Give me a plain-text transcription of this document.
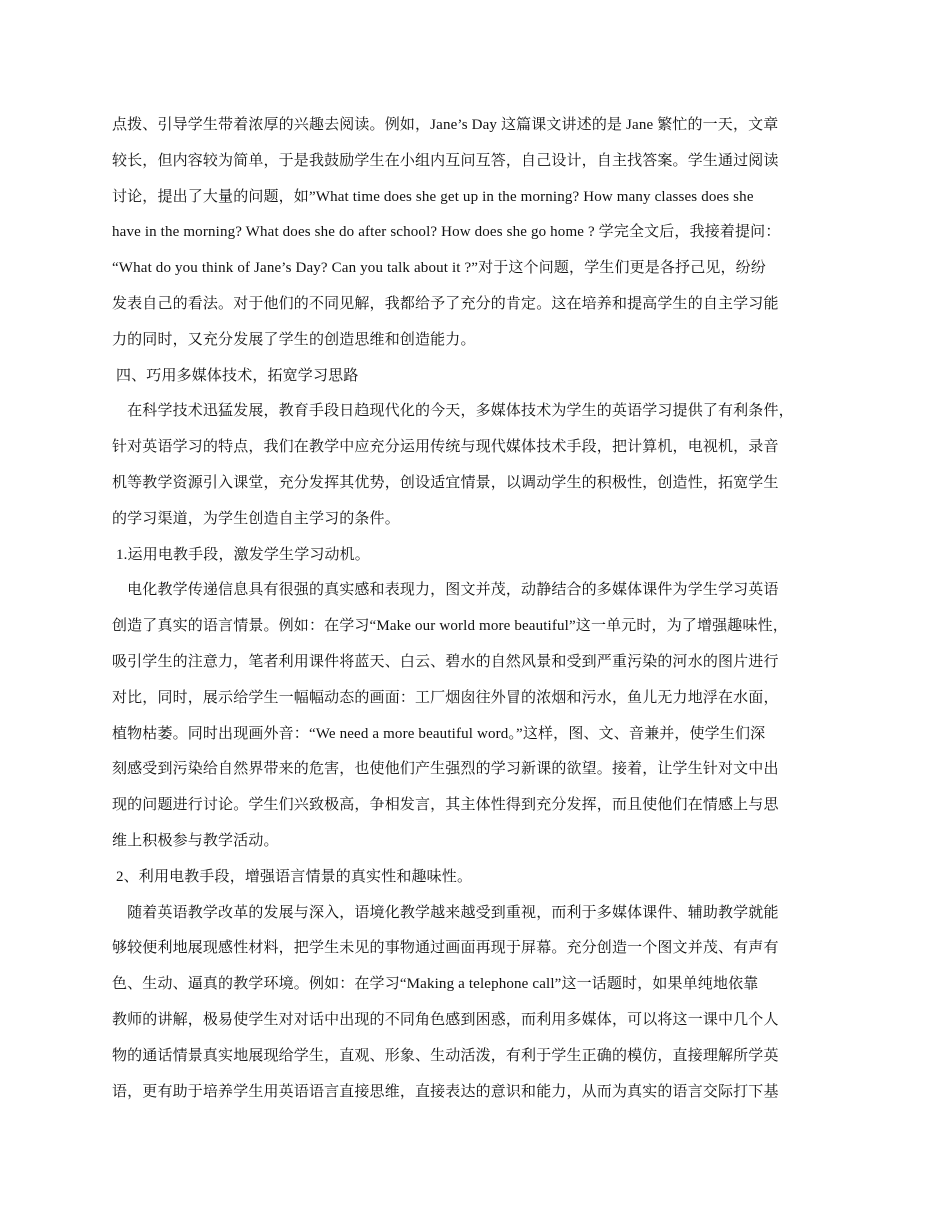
点拨、引导学生带着浓厚的兴趣去阅读。例如，Jane’s Day 这篇课文讲述的是 Jane 繁忙的一天，文章
较长，但内容较为简单，于是我鼓励学生在小组内互问互答，自己设计，自主找答案。学生通过阅读
讨论，提出了大量的问题，如”What time does she get up in the morning? How many classes does she
have in the morning? What does she do after school? How does she go home ? 学完全文后，我接着提问：
“What do you think of Jane’s Day? Can you talk about it ?”对于这个问题，学生们更是各抒己见，纷纷
发表自己的看法。对于他们的不同见解，我都给予了充分的肯定。这在培养和提高学生的自主学习能
力的同时，又充分发展了学生的创造思维和创造能力。
四、巧用多媒体技术，拓宽学习思路
　在科学技术迅猛发展，教育手段日趋现代化的今天，多媒体技术为学生的英语学习提供了有利条件，
针对英语学习的特点，我们在教学中应充分运用传统与现代媒体技术手段，把计算机，电视机，录音
机等教学资源引入课堂，充分发挥其优势，创设适宜情景，以调动学生的积极性，创造性，拓宽学生
的学习渠道，为学生创造自主学习的条件。
1.运用电教手段，激发学生学习动机。
　电化教学传递信息具有很强的真实感和表现力，图文并茂，动静结合的多媒体课件为学生学习英语
创造了真实的语言情景。例如：在学习“Make our world more beautiful”这一单元时，为了增强趣味性，
吸引学生的注意力，笔者利用课件将蓝天、白云、碧水的自然风景和受到严重污染的河水的图片进行
对比，同时，展示给学生一幅幅动态的画面：工厂烟囱往外冒的浓烟和污水，鱼儿无力地浮在水面，
植物枯萎。同时出现画外音：“We need a more beautiful word。”这样，图、文、音兼并，使学生们深
刻感受到污染给自然界带来的危害，也使他们产生强烈的学习新课的欲望。接着，让学生针对文中出
现的问题进行讨论。学生们兴致极高，争相发言，其主体性得到充分发挥，而且使他们在情感上与思
维上积极参与教学活动。
2、利用电教手段，增强语言情景的真实性和趣味性。
　随着英语教学改革的发展与深入，语境化教学越来越受到重视，而利于多媒体课件、辅助教学就能
够较便利地展现感性材料，把学生未见的事物通过画面再现于屏幕。充分创造一个图文并茂、有声有
色、生动、逼真的教学环境。例如：在学习“Making a telephone call”这一话题时，如果单纯地依靠
教师的讲解，极易使学生对对话中出现的不同角色感到困惑，而利用多媒体，可以将这一课中几个人
物的通话情景真实地展现给学生，直观、形象、生动活泼，有利于学生正确的模仿，直接理解所学英
语，更有助于培养学生用英语语言直接思维，直接表达的意识和能力，从而为真实的语言交际打下基
